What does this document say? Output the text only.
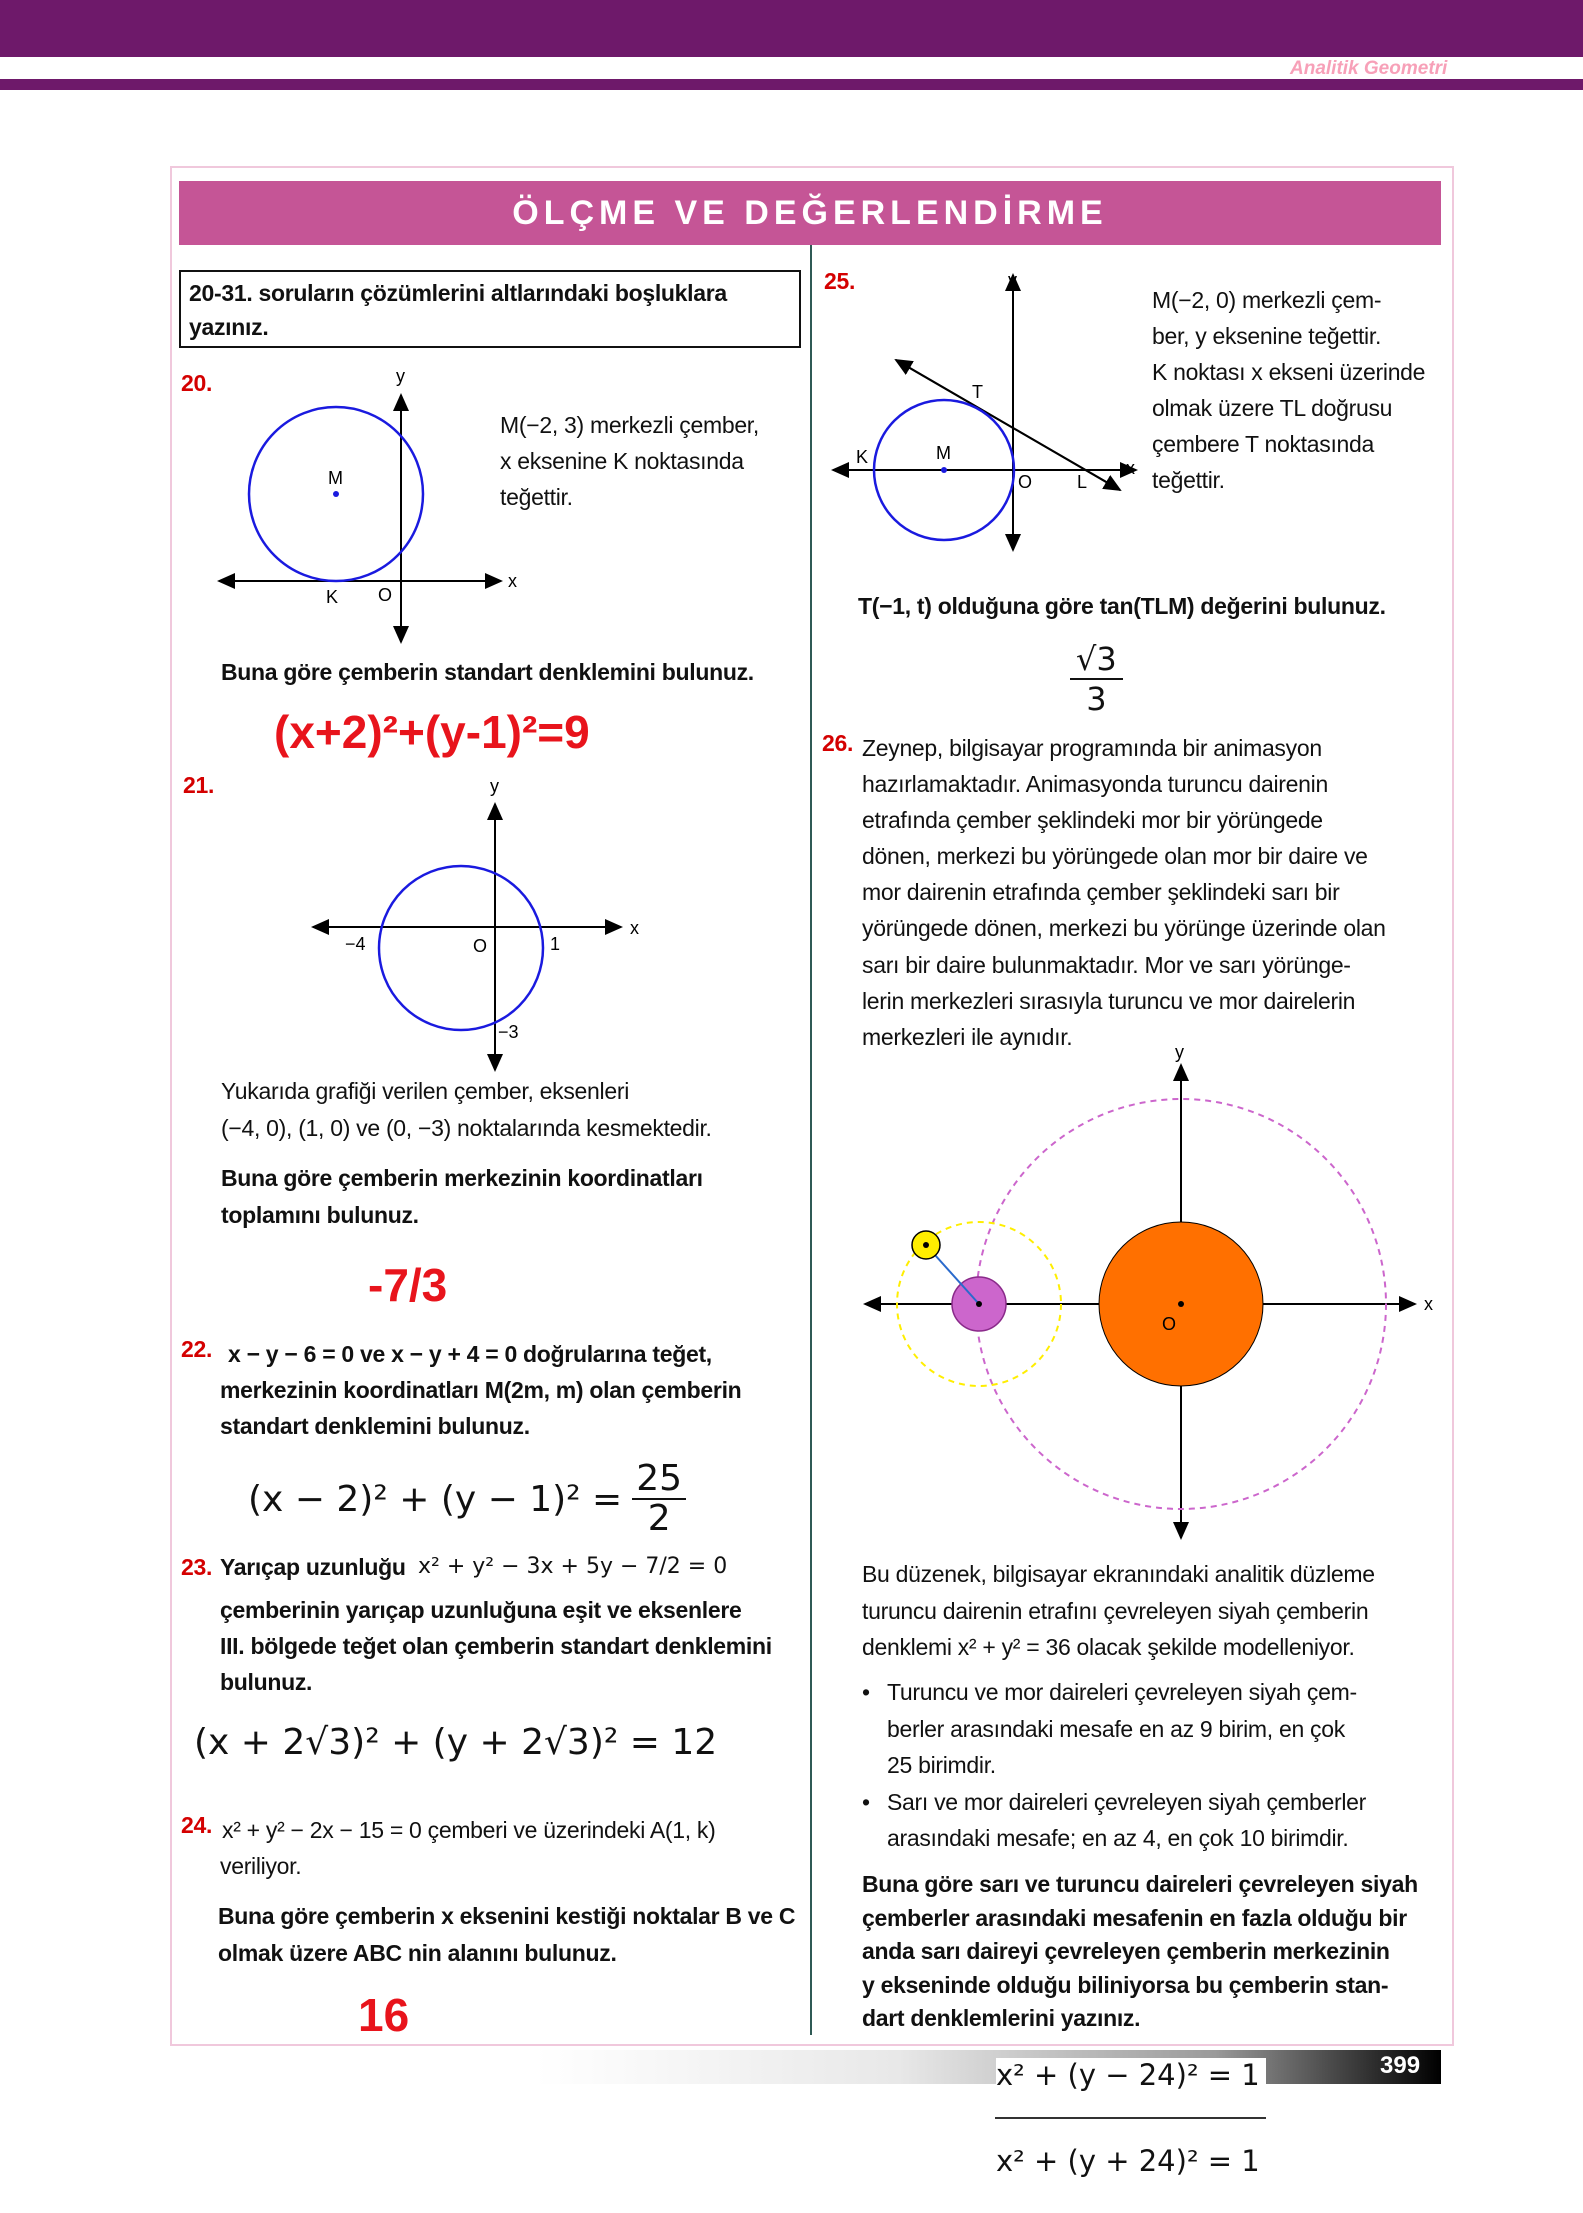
Analitik Geometri
ÖLÇME VE DEĞERLENDİRME
20-31. soruların çözümlerini altlarındaki boşluklara yazınız.
20.
M
K O
x
y
M(−2, 3) merkezli çember,
x eksenine K noktasında
teğettir.
Buna göre çemberin standart denklemini bulunuz.
(x+2)²+(y-1)²=9
21.
−4	O	1
−3
x
y
Yukarıda grafiği verilen çember, eksenleri
(−4, 0), (1, 0) ve (0, −3) noktalarında kesmektedir.
Buna göre çemberin merkezinin koordinatları
toplamını bulunuz.
-7/3
22. x − y − 6 = 0 ve x − y + 4 = 0 doğrularına teğet,
merkezinin koordinatları M(2m, m) olan çemberin
standart denklemini bulunuz.
$(x - 2)^2 + (y - 1)^2 = \frac{25}{2}$
23. Yarıçap uzunluğu x² + y² − 3x + 5y − 7/2 = 0
çemberinin yarıçap uzunluğuna eşit ve eksenlere
III. bölgede teğet olan çemberin standart denklemini
bulunuz.
(x + 2√3)² + (y + 2√3)² = 12
24. x² + y² − 2x − 15 = 0 çemberi ve üzerindeki A(1, k)
veriliyor.
Buna göre çemberin x eksenini kestiği noktalar B ve C
olmak üzere ABC nin alanını bulunuz.
16
25.
T
M
K
O L
x
y
M(−2, 0) merkezli çem-
ber, y eksenine teğettir.
K noktası x ekseni üzerinde
olmak üzere TL doğrusu
çembere T noktasında
teğettir.
T(−1, t) olduğuna göre tan(TLM) değerini bulunuz.
$\frac{√3}{3}$
26. Zeynep, bilgisayar programında bir animasyon
hazırlamaktadır. Animasyonda turuncu dairenin
etrafında çember şeklindeki mor bir yörüngede
dönen, merkezi bu yörüngede olan mor bir daire ve
mor dairenin etrafında çember şeklindeki sarı bir
yörüngede dönen, merkezi bu yörünge üzerinde olan
sarı bir daire bulunmaktadır. Mor ve sarı yörünge-
lerin merkezleri sırasıyla turuncu ve mor dairelerin
merkezleri ile aynıdır.
O
x
y
Bu düzenek, bilgisayar ekranındaki analitik düzleme
turuncu dairenin etrafını çevreleyen siyah çemberin
denklemi x² + y² = 36 olacak şekilde modelleniyor.
• Turuncu ve mor daireleri çevreleyen siyah çem-
berler arasındaki mesafe en az 9 birim, en çok
25 birimdir.
• Sarı ve mor daireleri çevreleyen siyah çemberler
arasındaki mesafe; en az 4, en çok 10 birimdir.
Buna göre sarı ve turuncu daireleri çevreleyen siyah
çemberler arasındaki mesafenin en fazla olduğu bir
anda sarı daireyi çevreleyen çemberin merkezinin
y ekseninde olduğu biliniyorsa bu çemberin stan-
dart denklemlerini yazınız.
399
x² + (y − 24)² = 1
x² + (y + 24)² = 1
